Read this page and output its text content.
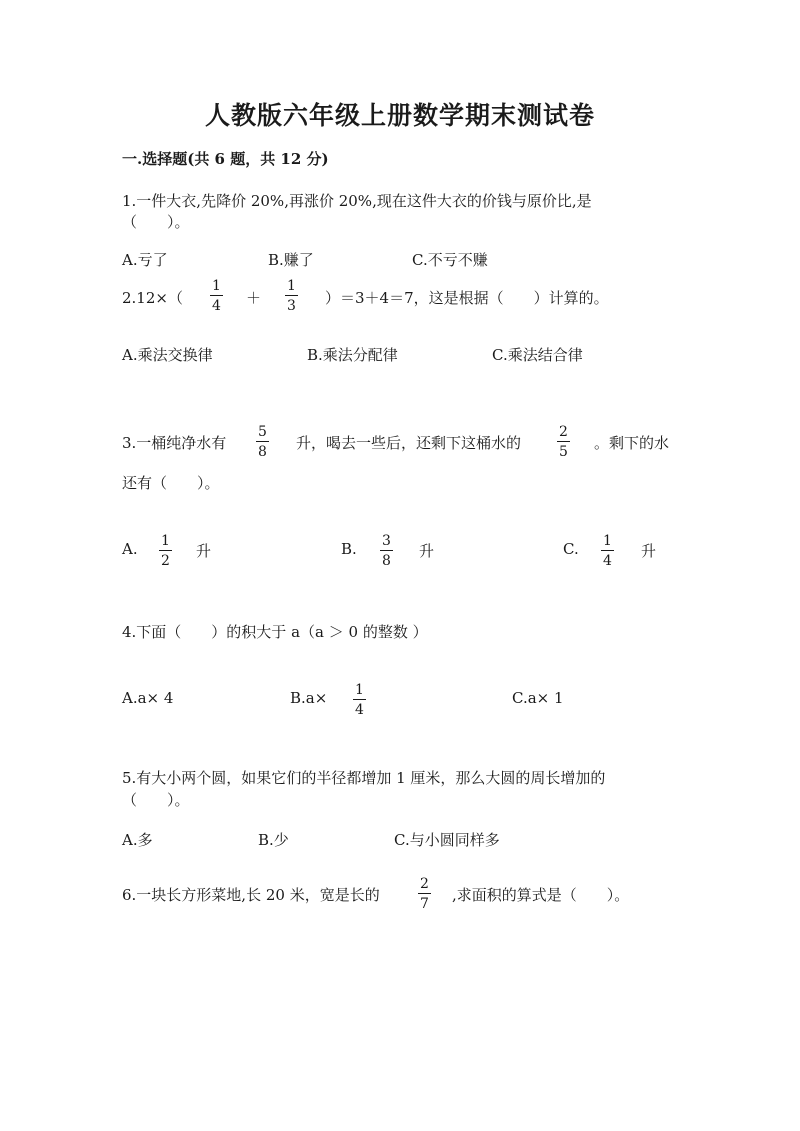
人教版六年级上册数学期末测试卷
一.选择题(共 6 题，共 12 分)
1.一件大衣,先降价 20%,再涨价 20%,现在这件大衣的价钱与原价比,是
（　　）。
A.亏了	B.赚了	C.不亏不赚
2.12×（
1
4 ＋
1
3 ）＝3＋4＝7，这是根据（　　）计算的。
A.乘法交换律	B.乘法分配律	C.乘法结合律
3.一桶纯净水有
5
8 升，喝去一些后，还剩下这桶水的
2
5 。剩下的水
还有（　　）。
A. 1
2
升	B. 3
8
升	C. 1
4
升
4.下面（　　）的积大于 a（a ＞ 0 的整数 ）
A.a× 4	B.a× 1
4
C.a× 1
5.有大小两个圆，如果它们的半径都增加 1 厘米，那么大圆的周长增加的
（　　）。
A.多	B.少	C.与小圆同样多
6.一块长方形菜地,长 20 米，宽是长的
2
7 ,求面积的算式是（　　）。
